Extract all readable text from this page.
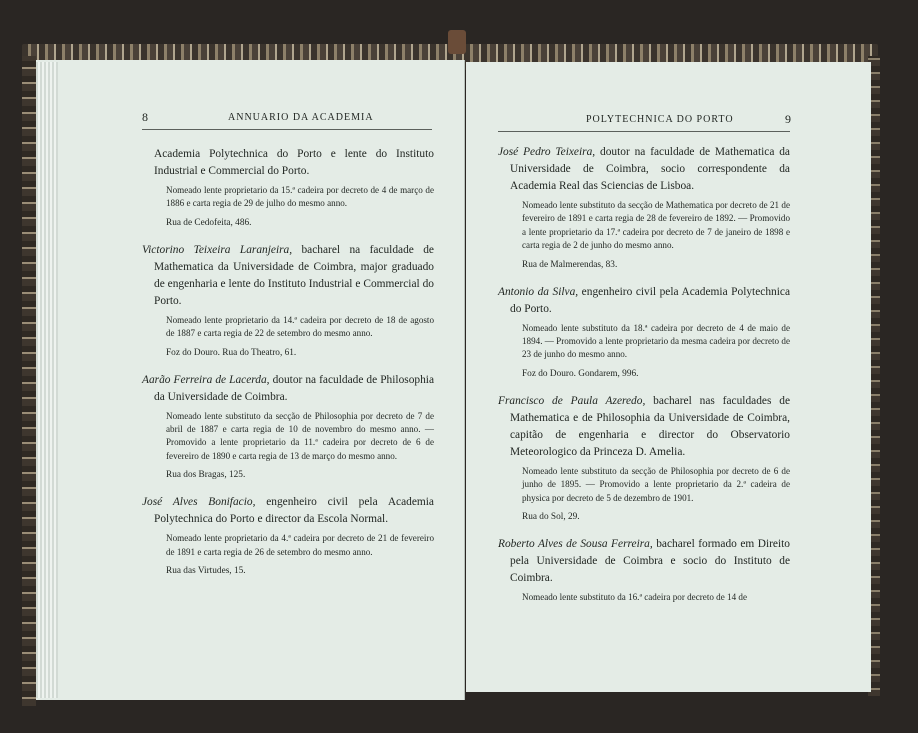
8	ANNUARIO DA ACADEMIA

Academia Polytechnica do Porto e lente do Instituto Industrial e Commercial do Porto.

Nomeado lente proprietario da 15.ª cadeira por decreto de 4 de março de 1886 e carta regia de 29 de julho do mesmo anno.

Rua de Cedofeita, 486.

Victorino Teixeira Laranjeira, bacharel na faculdade de Mathematica da Universidade de Coimbra, major graduado de engenharia e lente do Instituto Industrial e Commercial do Porto.

Nomeado lente proprietario da 14.ª cadeira por decreto de 18 de agosto de 1887 e carta regia de 22 de setembro do mesmo anno.

Foz do Douro. Rua do Theatro, 61.

Aarão Ferreira de Lacerda, doutor na faculdade de Philosophia da Universidade de Coimbra.

Nomeado lente substituto da secção de Philosophia por decreto de 7 de abril de 1887 e carta regia de 10 de novembro do mesmo anno. — Promovido a lente proprietario da 11.ª cadeira por decreto de 6 de fevereiro de 1890 e carta regia de 13 de março do mesmo anno.

Rua dos Bragas, 125.

José Alves Bonifacio, engenheiro civil pela Academia Polytechnica do Porto e director da Escola Normal.

Nomeado lente proprietario da 4.ª cadeira por decreto de 21 de fevereiro de 1891 e carta regia de 26 de setembro do mesmo anno.

Rua das Virtudes, 15.

POLYTECHNICA DO PORTO	9

José Pedro Teixeira, doutor na faculdade de Mathematica da Universidade de Coimbra, socio correspondente da Academia Real das Sciencias de Lisboa.

Nomeado lente substituto da secção de Mathematica por decreto de 21 de fevereiro de 1891 e carta regia de 28 de fevereiro de 1892. — Promovido a lente proprietario da 17.ª cadeira por decreto de 7 de janeiro de 1898 e carta regia de 2 de junho do mesmo anno.

Rua de Malmerendas, 83.

Antonio da Silva, engenheiro civil pela Academia Polytechnica do Porto.

Nomeado lente substituto da 18.ª cadeira por decreto de 4 de maio de 1894. — Promovido a lente proprietario da mesma cadeira por decreto de 23 de junho do mesmo anno.

Foz do Douro. Gondarem, 996.

Francisco de Paula Azeredo, bacharel nas faculdades de Mathematica e de Philosophia da Universidade de Coimbra, capitão de engenharia e director do Observatorio Meteorologico da Princeza D. Amelia.

Nomeado lente substituto da secção de Philosophia por decreto de 6 de junho de 1895. — Promovido a lente proprietario da 2.ª cadeira de physica por decreto de 5 de dezembro de 1901.

Rua do Sol, 29.

Roberto Alves de Sousa Ferreira, bacharel formado em Direito pela Universidade de Coimbra e socio do Instituto de Coimbra.

Nomeado lente substituto da 16.ª cadeira por decreto de 14 de
